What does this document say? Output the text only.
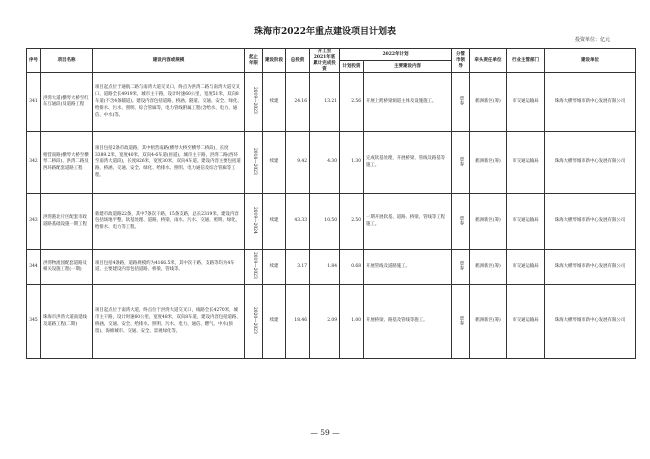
珠海市2022年重点建设项目计划表
投资单位：亿元
序号	项目名称	建设内容或规模	起止年限	建设阶段	总投资	开工至2021年底累计完成投资	2022年计划		分管市领导	牵头责任单位	行业主管部门	建设单位
							计划投资	主要建设内容				
341	洪湾大道(横琴大桥至红东互通段)及道路工程	项目起点位于通航二路与南湾大道交叉口，终点为洪湾二路与南湾大道交叉口，道路全长4919米，城市主干路，设计时速60公里，宽度51米，双向8车道(不含4条辅道)。建设内容包括道路、桥涵、隧道、交通、安全、绿化、给排水、污水、照明、综合管廊等，电力管线附属工程(含给水、电力、通信、中水)等。	2019—2023	续建	24.16	13.21	2.56	开展上跨桥梁洞道主体及设施施工。	覃春	鹤洲新区(筹)	市交通运输局	珠海大横琴城市新中心发展有限公司
342	梧营南路(横琴大桥至横琴二桥段)、洪湾二路及西环路配套道路工程	项目包括2条市政道路，其中梧营南路(横琴大桥至横琴二桥段)，长度3389.2米，宽度40米，双向4-6车道(匝道)，城市主干路，洪湾二路(西环至南湾大道段)，长度826米，宽度30米，双向4车道。建设内容主要包括道路、桥涵、交通、安全、绿化、给排水、照明、电力通信及综合管廊等工程。	2018—2023	续建	9.42	4.30	1.30	完成软基处理，开展桥梁、管线及路基等施工。	覃春	鹤洲新区(筹)	市交通运输局	珠海大横琴城市新中心发展有限公司
343	洪湾港北片区配套市政道路基础设施一期工程	新建市政道路22条，其中7条次干路，15条支路，总长2319米。建设内容包括场地平整、软基处理、道路、桥梁、雨水、污水、交通、照明、绿化、给排水、电力等工程。	2019—2024	续建	43.33	10.50	2.50	一期开展软基、道路、桥梁、管线等工程施工。	覃春	鹤洲新区(筹)	市交通运输局	珠海大横琴城市新中心发展有限公司
344	洪湾物流园配套道路及相关设施工程(一期)	项目包括4条路，道路规模约为4166.5米，其中次干路、支路等均为4车道，主要建设内容包括道路、桥梁、管线等。	2019—2023	续建	3.17	1.84	0.68	开展管线及道路施工。	覃春	鹤洲新区(筹)	市交通运输局	珠海大横琴城市新中心发展有限公司
345	珠海市洪湾大道南延线及道路工程(二期)	项目起点位于南湾大道，终点位于洪湾大道交叉口，线路全长4270米，城市主干路，设计时速60公里，宽度48米，双向8车道，建设内容包括道路、桥涵、交通、安全、给排水、照明、污水、电力、通信、燃气、中水(预留)、海绵城市、交通、安全、景观绿化等。	2020—2023	续建	18.46	2.09	1.00	开展桥梁、路基及管线等施工。	覃春	鹤洲新区(筹)	市交通运输局	珠海大横琴城市新中心发展有限公司
— 59 —
